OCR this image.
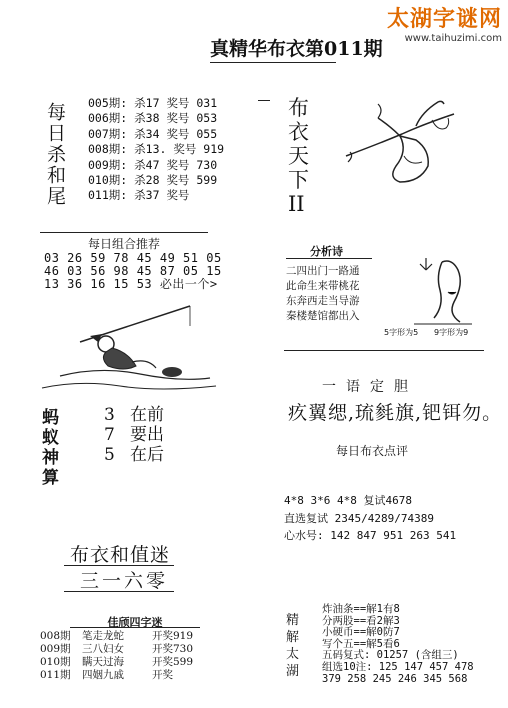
太湖字谜网
www.taihuzimi.com
真精华布衣第011期
每日杀和尾 005期: 杀17 奖号 031
006期: 杀38 奖号 053
007期: 杀34 奖号 055
008期: 杀13. 奖号 919
009期: 杀47 奖号 730
010期: 杀28 奖号 599
011期: 杀37 奖号
布
衣
天
下
II
每日组合推荐
03 26 59 78 45 49 51 05
46 03 56 98 45 87 05 15
13 36 16 15 53 必出一个>
蚂
蚁
神
算
3 在前
7 要出
5 在后
分析诗
二四出门一路通
此命生来带桃花
东奔西走当导游
秦楼楚馆都出入
5字形为5 9字形为9
一语定胆
疚翼缌,琉毵旗,钯铒勿。
每日布衣点评
4*8 3*6 4*8 复试4678
直选复试 2345/4289/74389
心水号: 142 847 951 263 541
布衣和值迷
三一六零
佳颀四字迷
008期 笔走龙蛇	开奖919
009期 三八妇女	开奖730
010期 瞒天过海	开奖599
011期 四姻九戚	开奖
精
解
太
湖
炸油条==解1有8
分两股==看2解3
小硬币==解0防7
写个五==解5看6
五码复式: 01257 (含组三)
组选10注: 125 147 457 478
379 258 245 246 345 568
